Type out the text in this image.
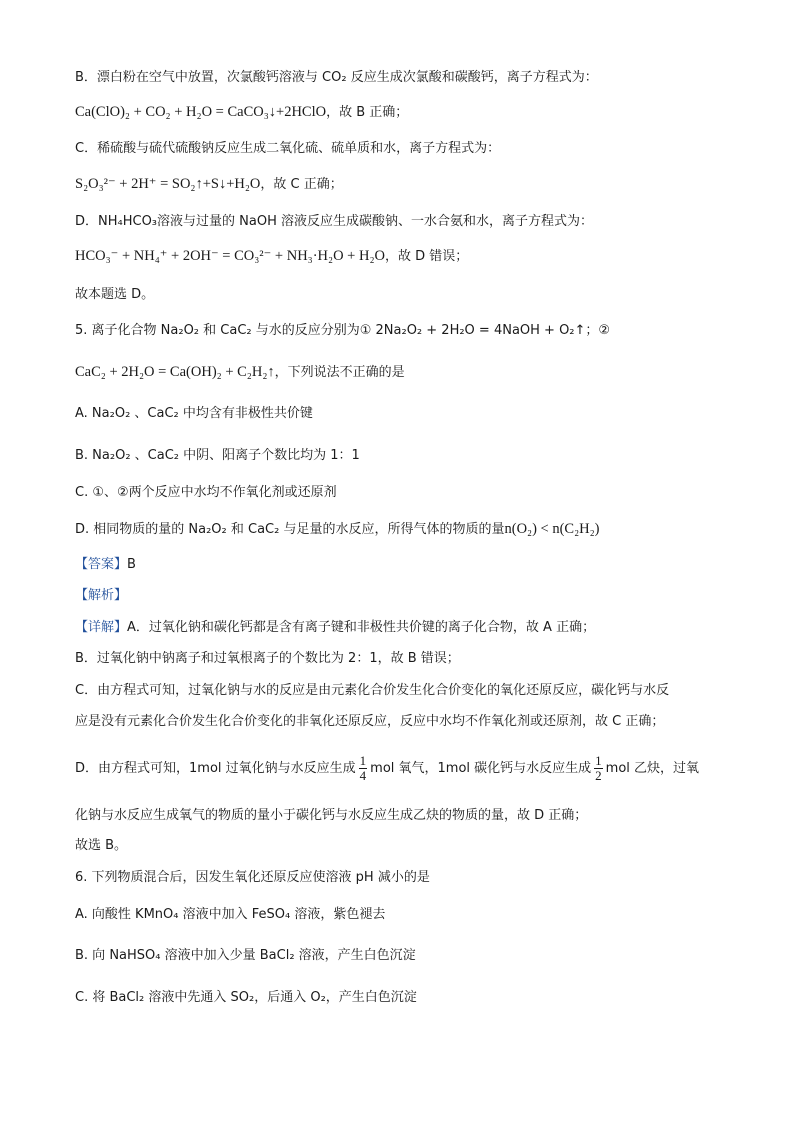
B．漂白粉在空气中放置，次氯酸钙溶液与 CO₂ 反应生成次氯酸和碳酸钙，离子方程式为：
Ca(ClO)₂ + CO₂ + H₂O = CaCO₃↓+2HClO，故 B 正确；
C．稀硫酸与硫代硫酸钠反应生成二氧化硫、硫单质和水，离子方程式为：
S₂O₃²⁻ + 2H⁺ = SO₂↑+S↓+H₂O，故 C 正确；
D．NH₄HCO₃溶液与过量的 NaOH 溶液反应生成碳酸钠、一水合氨和水，离子方程式为：
HCO₃⁻ + NH₄⁺ + 2OH⁻ = CO₃²⁻ + NH₃·H₂O + H₂O，故 D 错误；
故本题选 D。
5. 离子化合物 Na₂O₂ 和 CaC₂ 与水的反应分别为① 2Na₂O₂ + 2H₂O = 4NaOH + O₂↑；②
CaC₂ + 2H₂O = Ca(OH)₂ + C₂H₂↑，下列说法不正确的是
A. Na₂O₂ 、CaC₂ 中均含有非极性共价键
B. Na₂O₂ 、CaC₂ 中阴、阳离子个数比均为 1：1
C. ①、②两个反应中水均不作氧化剂或还原剂
D. 相同物质的量的 Na₂O₂ 和 CaC₂ 与足量的水反应，所得气体的物质的量n(O₂) < n(C₂H₂)
【答案】B
【解析】
【详解】A．过氧化钠和碳化钙都是含有离子键和非极性共价键的离子化合物，故 A 正确；
B．过氧化钠中钠离子和过氧根离子的个数比为 2：1，故 B 错误；
C．由方程式可知，过氧化钠与水的反应是由元素化合价发生化合价变化的氧化还原反应，碳化钙与水反
应是没有元素化合价发生化合价变化的非氧化还原反应，反应中水均不作氧化剂或还原剂，故 C 正确；
D．由方程式可知，1mol 过氧化钠与水反应生成 $\frac{1}{4}$ mol 氧气，1mol 碳化钙与水反应生成 $\frac{1}{2}$ mol 乙炔，过氧
化钠与水反应生成氧气的物质的量小于碳化钙与水反应生成乙炔的物质的量，故 D 正确；
故选 B。
6. 下列物质混合后，因发生氧化还原反应使溶液 pH 减小的是
A. 向酸性 KMnO₄ 溶液中加入 FeSO₄ 溶液，紫色褪去
B. 向 NaHSO₄ 溶液中加入少量 BaCl₂ 溶液，产生白色沉淀
C. 将 BaCl₂ 溶液中先通入 SO₂，后通入 O₂，产生白色沉淀
